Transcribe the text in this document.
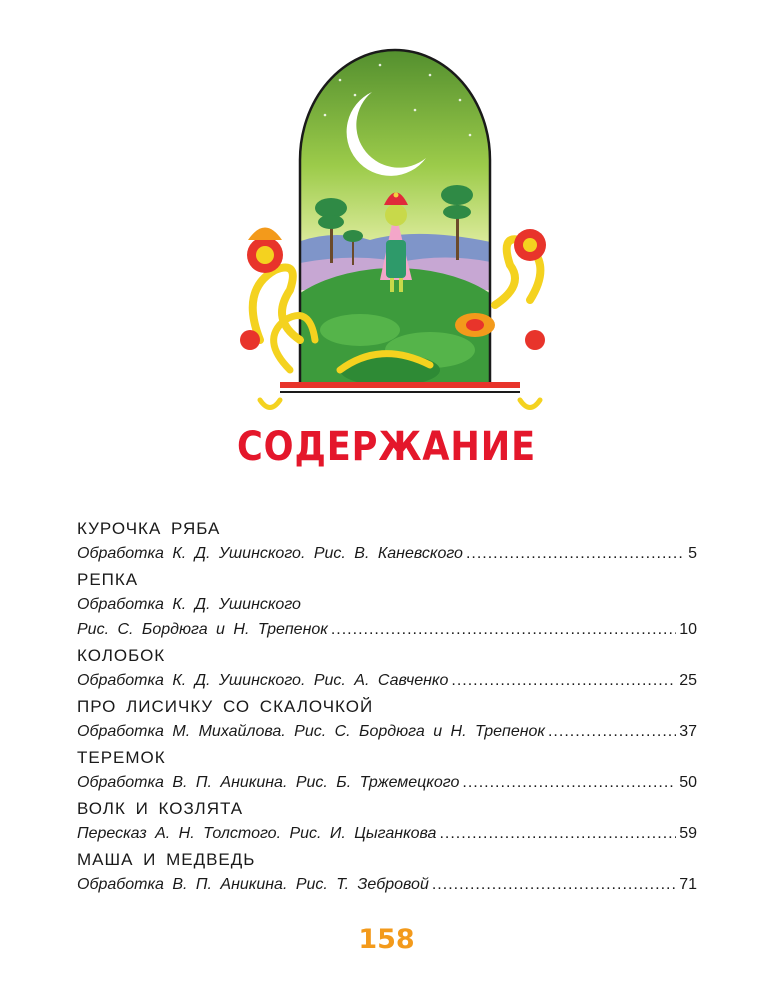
СОДЕРЖАНИЕ
КУРОЧКА РЯБА
Обработка К. Д. Ушинского. Рис. В. Каневского .....	5
РЕПКА
Обработка К. Д. Ушинского
Рис. С. Бордюга и Н. Трепенок .....	10
КОЛОБОК
Обработка К. Д. Ушинского. Рис. А. Савченко .....	25
ПРО ЛИСИЧКУ СО СКАЛОЧКОЙ
Обработка М. Михайлова. Рис. С. Бордюга и Н. Трепенок .....	37
ТЕРЕМОК
Обработка В. П. Аникина. Рис. Б. Тржемецкого .....	50
ВОЛК И КОЗЛЯТА
Пересказ А. Н. Толстого. Рис. И. Цыганкова .....	59
МАША И МЕДВЕДЬ
Обработка В. П. Аникина. Рис. Т. Зебровой .....	71
158
